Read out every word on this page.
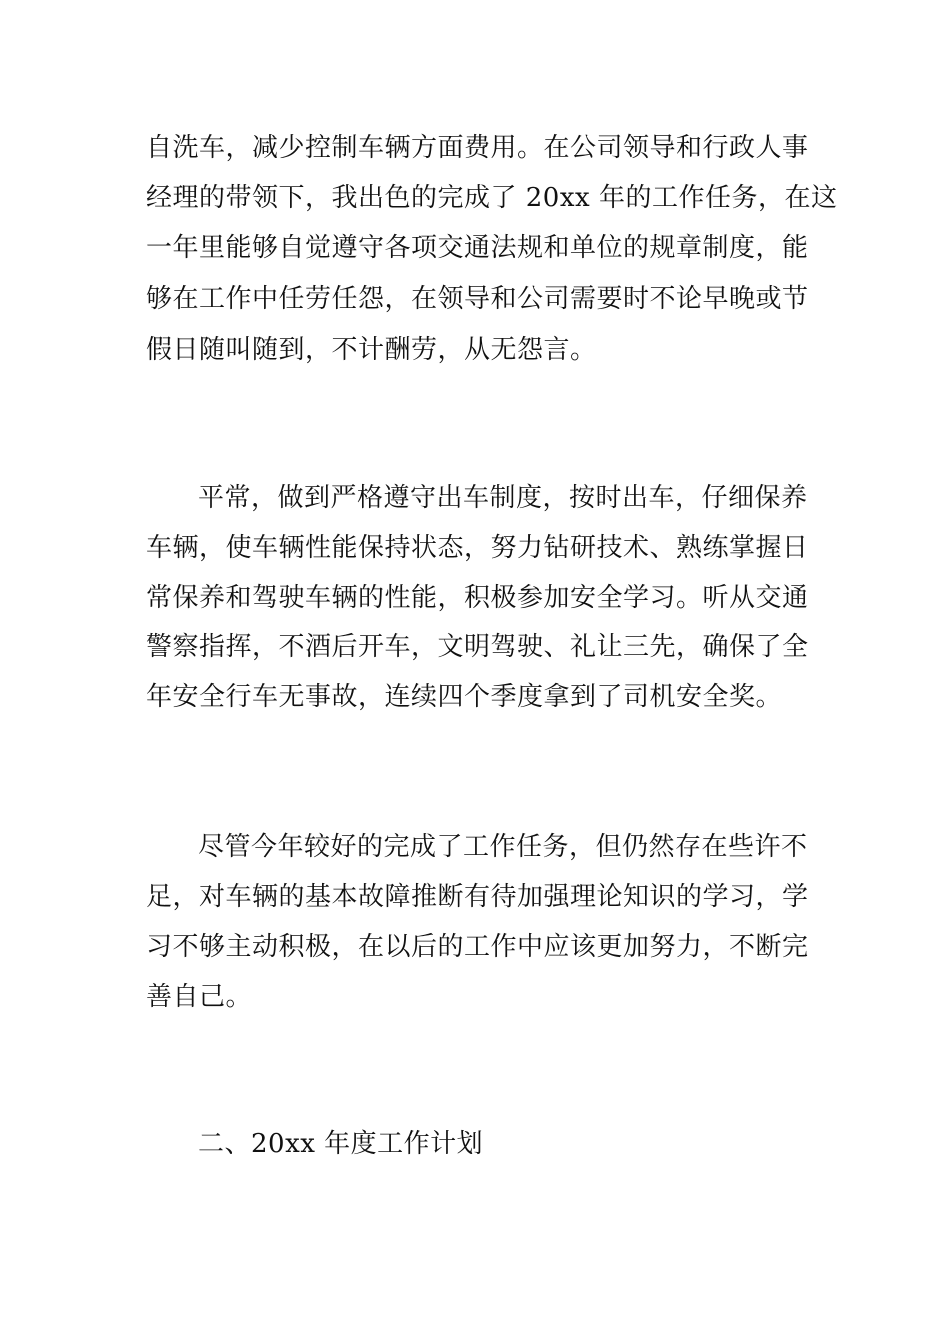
自洗车，减少控制车辆方面费用。在公司领导和行政人事
经理的带领下，我出色的完成了 20xx 年的工作任务，在这
一年里能够自觉遵守各项交通法规和单位的规章制度，能
够在工作中任劳任怨，在领导和公司需要时不论早晚或节
假日随叫随到，不计酬劳，从无怨言。
平常，做到严格遵守出车制度，按时出车，仔细保养
车辆，使车辆性能保持状态，努力钻研技术、熟练掌握日
常保养和驾驶车辆的性能，积极参加安全学习。听从交通
警察指挥，不酒后开车，文明驾驶、礼让三先，确保了全
年安全行车无事故，连续四个季度拿到了司机安全奖。
尽管今年较好的完成了工作任务，但仍然存在些许不
足，对车辆的基本故障推断有待加强理论知识的学习，学
习不够主动积极，在以后的工作中应该更加努力，不断完
善自己。
二、20xx 年度工作计划
